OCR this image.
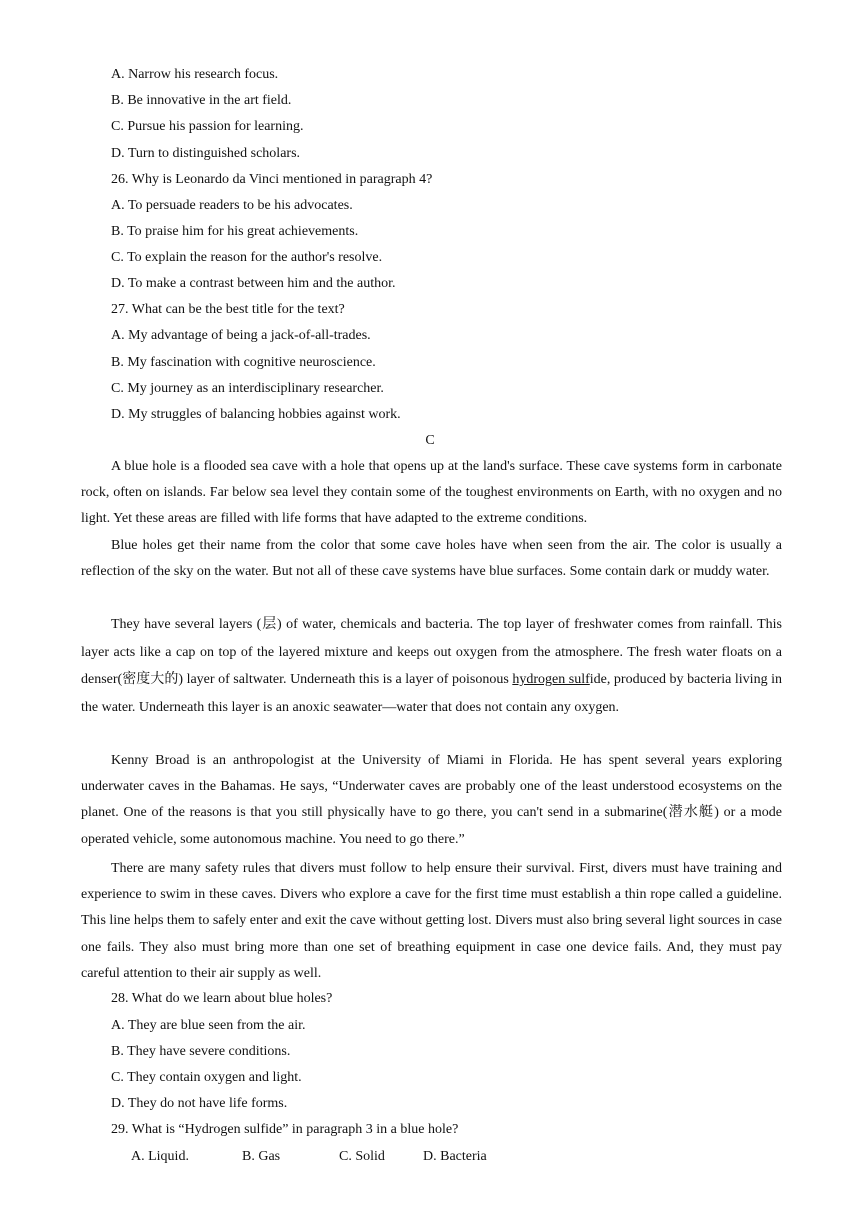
A. Narrow his research focus.
B. Be innovative in the art field.
C. Pursue his passion for learning.
D. Turn to distinguished scholars.
26. Why is Leonardo da Vinci mentioned in paragraph 4?
A. To persuade readers to be his advocates.
B. To praise him for his great achievements.
C. To explain the reason for the author's resolve.
D. To make a contrast between him and the author.
27. What can be the best title for the text?
A. My advantage of being a jack-of-all-trades.
B. My fascination with cognitive neuroscience.
C. My journey as an interdisciplinary researcher.
D. My struggles of balancing hobbies against work.
C

A blue hole is a flooded sea cave with a hole that opens up at the land's surface. These cave systems form in carbonate rock, often on islands. Far below sea level they contain some of the toughest environments on Earth, with no oxygen and no light. Yet these areas are filled with life forms that have adapted to the extreme conditions.

Blue holes get their name from the color that some cave holes have when seen from the air. The color is usually a reflection of the sky on the water. But not all of these cave systems have blue surfaces. Some contain dark or muddy water.

They have several layers (层) of water, chemicals and bacteria. The top layer of freshwater comes from rainfall. This layer acts like a cap on top of the layered mixture and keeps out oxygen from the atmosphere. The fresh water floats on a denser(密度大的) layer of saltwater. Underneath this is a layer of poisonous hydrogen sulfide, produced by bacteria living in the water. Underneath this layer is an anoxic seawater—water that does not contain any oxygen.

Kenny Broad is an anthropologist at the University of Miami in Florida. He has spent several years exploring underwater caves in the Bahamas. He says, “Underwater caves are probably one of the least understood ecosystems on the planet. One of the reasons is that you still physically have to go there, you can't send in a submarine(潜水艇) or a mode operated vehicle, some autonomous machine. You need to go there.”

There are many safety rules that divers must follow to help ensure their survival. First, divers must have training and experience to swim in these caves. Divers who explore a cave for the first time must establish a thin rope called a guideline. This line helps them to safely enter and exit the cave without getting lost. Divers must also bring several light sources in case one fails. They also must bring more than one set of breathing equipment in case one device fails. And, they must pay careful attention to their air supply as well.

28. What do we learn about blue holes?
A. They are blue seen from the air.
B. They have severe conditions.
C. They contain oxygen and light.
D. They do not have life forms.
29. What is “Hydrogen sulfide” in paragraph 3 in a blue hole?
A. Liquid.	B. Gas	C. Solid	D. Bacteria
